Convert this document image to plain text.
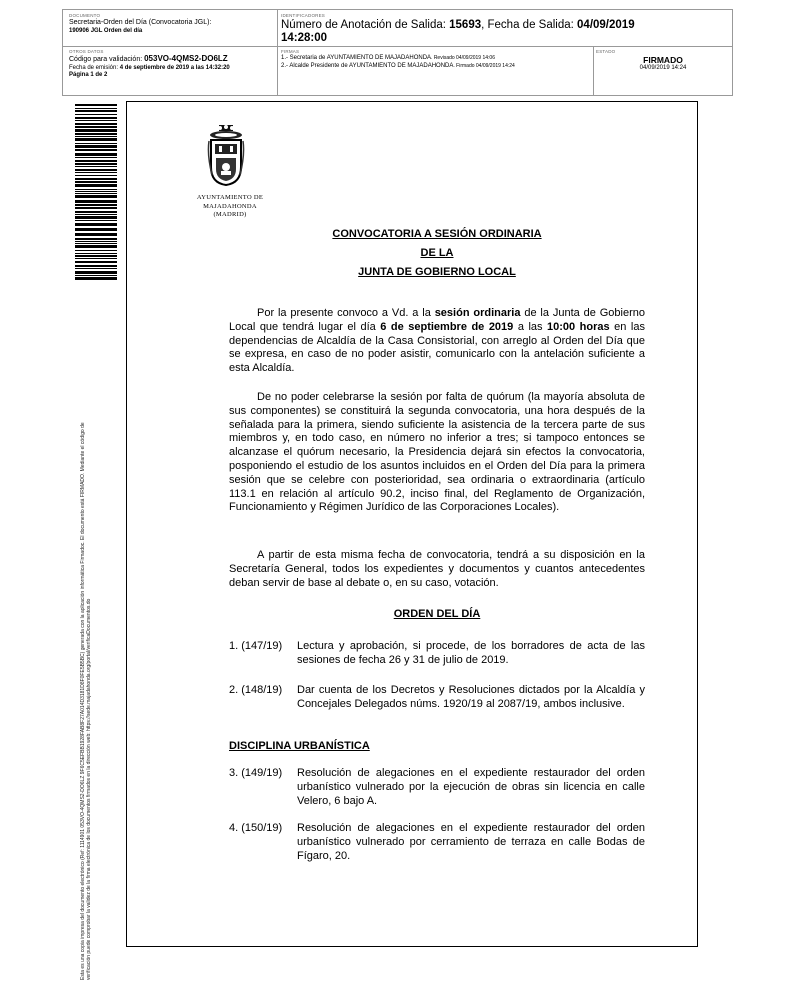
DOCUMENTO
Secretaria-Orden del Día (Convocatoria JGL):
190906 JGL Orden del día
IDENTIFICADORES
Número de Anotación de Salida: 15693, Fecha de Salida: 04/09/2019
14:28:00
OTROS DATOS
Código para validación: 053VO-4QMS2-DO6LZ
Fecha de emisión: 4 de septiembre de 2019 a las 14:32:20
Página 1 de 2
FIRMAS
1.- Secretaria de AYUNTAMIENTO DE MAJADAHONDA. Revisado 04/09/2019 14:06
2.- Alcalde Presidente de AYUNTAMIENTO DE MAJADAHONDA. Firmado 04/09/2019 14:24
ESTADO
FIRMADO
04/09/2019 14:24
Esta es una copia impresa del documento electrónico (Ref: 1114901 053VO-4QMS2-DO6LZ 9F6C5EFBB1928FAB8F27A014D3181D8F0FE5B5BC) generada con la aplicación informática Firmadoc. El documento está FIRMADO. Mediante el código de verificación puede comprobar la validez de la firma electrónica de los documentos firmados en la dirección web: https://sede.majadahonda.org/portal/verificaDocumentos.do
AYUNTAMIENTO DE
MAJADAHONDA
(MADRID)
CONVOCATORIA A SESIÓN ORDINARIA
DE LA
JUNTA DE GOBIERNO LOCAL
Por la presente convoco a Vd. a la sesión ordinaria de la Junta de Gobierno Local que tendrá lugar el día 6 de septiembre de 2019 a las 10:00 horas en las dependencias de Alcaldía de la Casa Consistorial, con arreglo al Orden del Día que se expresa, en caso de no poder asistir, comunicarlo con la antelación suficiente a esta Alcaldía.
De no poder celebrarse la sesión por falta de quórum (la mayoría absoluta de sus componentes) se constituirá la segunda convocatoria, una hora después de la señalada para la primera, siendo suficiente la asistencia de la tercera parte de sus miembros y, en todo caso, en número no inferior a tres; si tampoco entonces se alcanzase el quórum necesario, la Presidencia dejará sin efectos la convocatoria, posponiendo el estudio de los asuntos incluidos en el Orden del Día para la primera sesión que se celebre con posterioridad, sea ordinaria o extraordinaria (artículo 113.1 en relación al artículo 90.2, inciso final, del Reglamento de Organización, Funcionamiento y Régimen Jurídico de las Corporaciones Locales).
A partir de esta misma fecha de convocatoria, tendrá a su disposición en la Secretaría General, todos los expedientes y documentos y cuantos antecedentes deban servir de base al debate o, en su caso, votación.
ORDEN DEL DÍA
1. (147/19)	Lectura y aprobación, si procede, de los borradores de acta de las sesiones de fecha 26 y 31 de julio de 2019.
2. (148/19)	Dar cuenta de los Decretos y Resoluciones dictados por la Alcaldía y Concejales Delegados núms. 1920/19 al 2087/19, ambos inclusive.
DISCIPLINA URBANÍSTICA
3. (149/19)	Resolución de alegaciones en el expediente restaurador del orden urbanístico vulnerado por la ejecución de obras sin licencia en calle Velero, 6 bajo A.
4. (150/19)	Resolución de alegaciones en el expediente restaurador del orden urbanístico vulnerado por cerramiento de terraza en calle Bodas de Fígaro, 20.
